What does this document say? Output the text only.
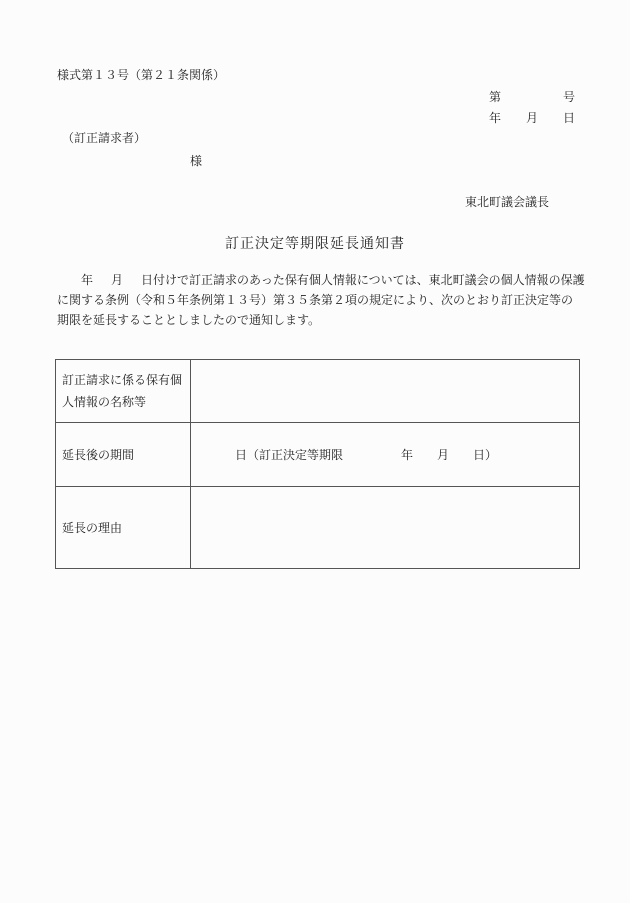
様式第１３号（第２１条関係）
第	号
年 月 日
（訂正請求者）
様
東北町議会議長
訂正決定等期限延長通知書
年 月 日付けで訂正請求のあった保有個人情報については、東北町議会の個人情報の保護
に関する条例（令和５年条例第１３号）第３５条第２項の規定により、次のとおり訂正決定等の
期限を延長することとしましたので通知します。
訂正請求に係る保有個人情報の名称等	
延長後の期間	日（訂正決定等期限 年 月 日）
延長の理由	
